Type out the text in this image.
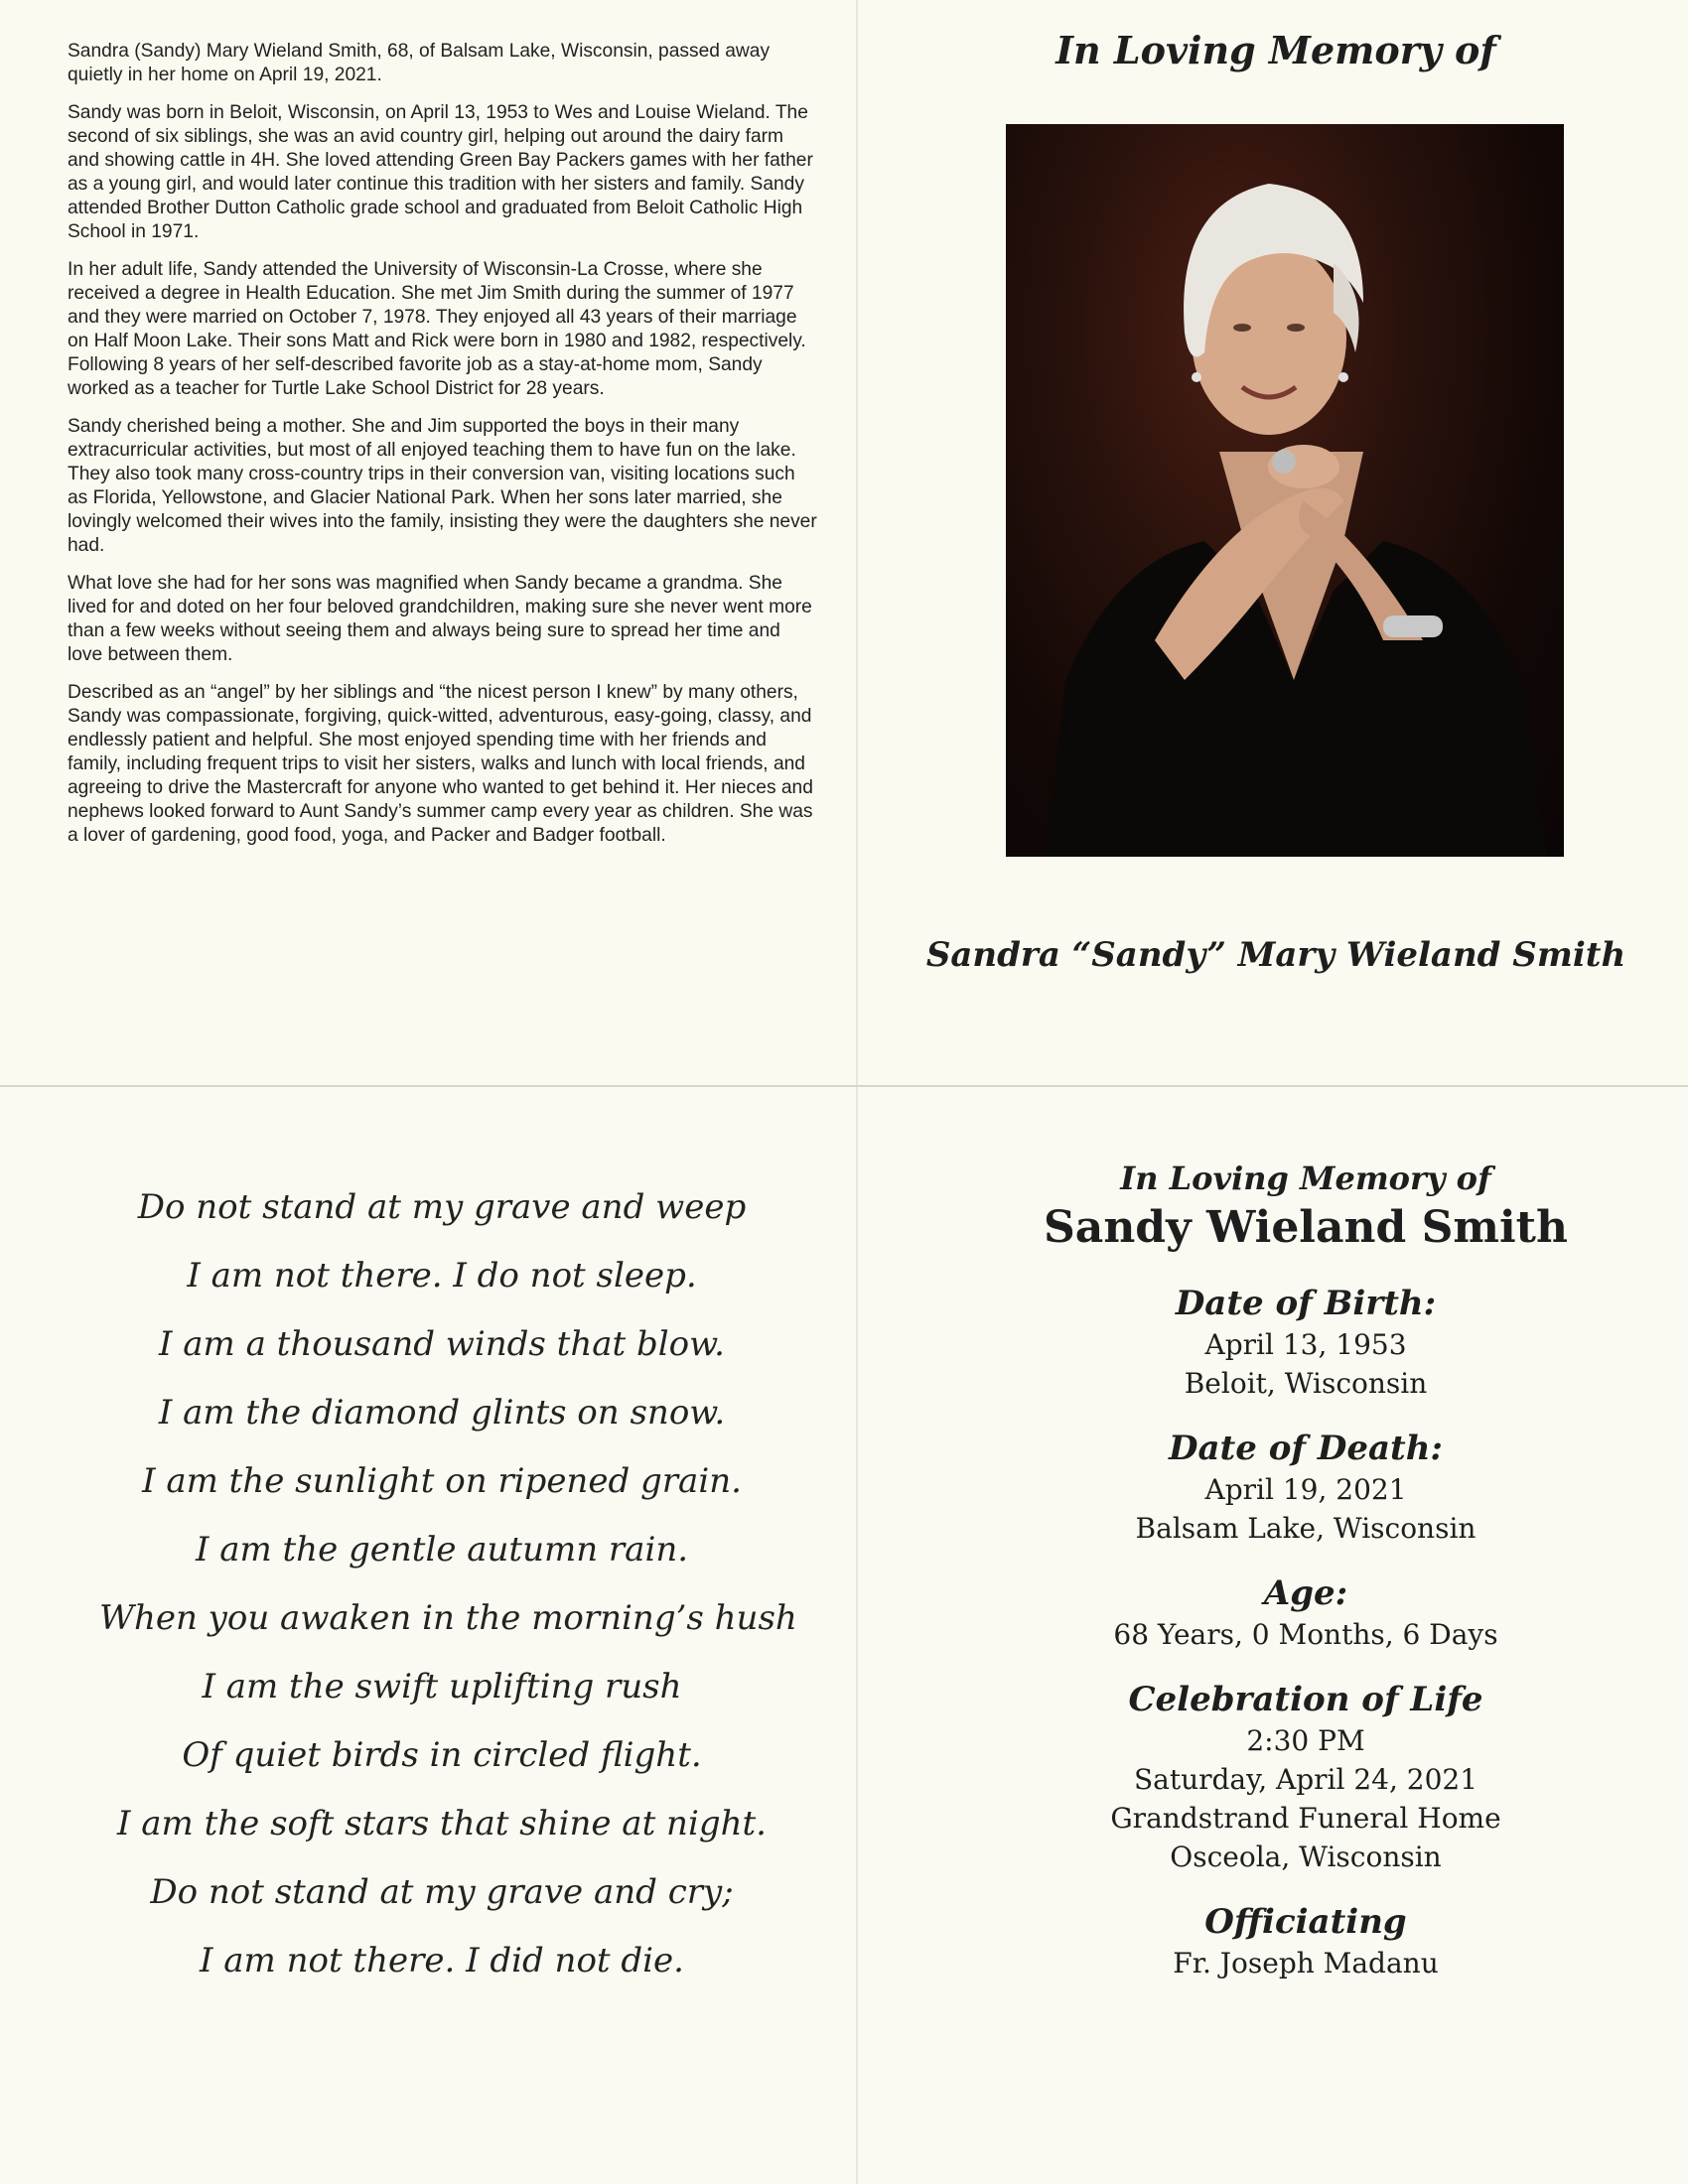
Sandra (Sandy) Mary Wieland Smith, 68, of Balsam Lake, Wisconsin, passed away quietly in her home on April 19, 2021.

Sandy was born in Beloit, Wisconsin, on April 13, 1953 to Wes and Louise Wieland. The second of six siblings, she was an avid country girl, helping out around the dairy farm and showing cattle in 4H. She loved attending Green Bay Packers games with her father as a young girl, and would later continue this tradition with her sisters and family. Sandy attended Brother Dutton Catholic grade school and graduated from Beloit Catholic High School in 1971.

In her adult life, Sandy attended the University of Wisconsin-La Crosse, where she received a degree in Health Education. She met Jim Smith during the summer of 1977 and they were married on October 7, 1978. They enjoyed all 43 years of their marriage on Half Moon Lake. Their sons Matt and Rick were born in 1980 and 1982, respectively. Following 8 years of her self-described favorite job as a stay-at-home mom, Sandy worked as a teacher for Turtle Lake School District for 28 years.

Sandy cherished being a mother. She and Jim supported the boys in their many extracurricular activities, but most of all enjoyed teaching them to have fun on the lake. They also took many cross-country trips in their conversion van, visiting locations such as Florida, Yellowstone, and Glacier National Park. When her sons later married, she lovingly welcomed their wives into the family, insisting they were the daughters she never had.

What love she had for her sons was magnified when Sandy became a grandma. She lived for and doted on her four beloved grandchildren, making sure she never went more than a few weeks without seeing them and always being sure to spread her time and love between them.

Described as an “angel” by her siblings and “the nicest person I knew” by many others, Sandy was compassionate, forgiving, quick-witted, adventurous, easy-going, classy, and endlessly patient and helpful. She most enjoyed spending time with her friends and family, including frequent trips to visit her sisters, walks and lunch with local friends, and agreeing to drive the Mastercraft for anyone who wanted to get behind it. Her nieces and nephews looked forward to Aunt Sandy’s summer camp every year as children. She was a lover of gardening, good food, yoga, and Packer and Badger football.

In Loving Memory of
Sandra “Sandy” Mary Wieland Smith
Do not stand at my grave and weep
I am not there. I do not sleep.
I am a thousand winds that blow.
I am the diamond glints on snow.
I am the sunlight on ripened grain.
I am the gentle autumn rain.
When you awaken in the morning’s hush
I am the swift uplifting rush
Of quiet birds in circled flight.
I am the soft stars that shine at night.
Do not stand at my grave and cry;
I am not there. I did not die.
In Loving Memory of
Sandy Wieland Smith
Date of Birth:
April 13, 1953
Beloit, Wisconsin
Date of Death:
April 19, 2021
Balsam Lake, Wisconsin
Age:
68 Years, 0 Months, 6 Days
Celebration of Life
2:30 PM
Saturday, April 24, 2021
Grandstrand Funeral Home
Osceola, Wisconsin
Officiating
Fr. Joseph Madanu
